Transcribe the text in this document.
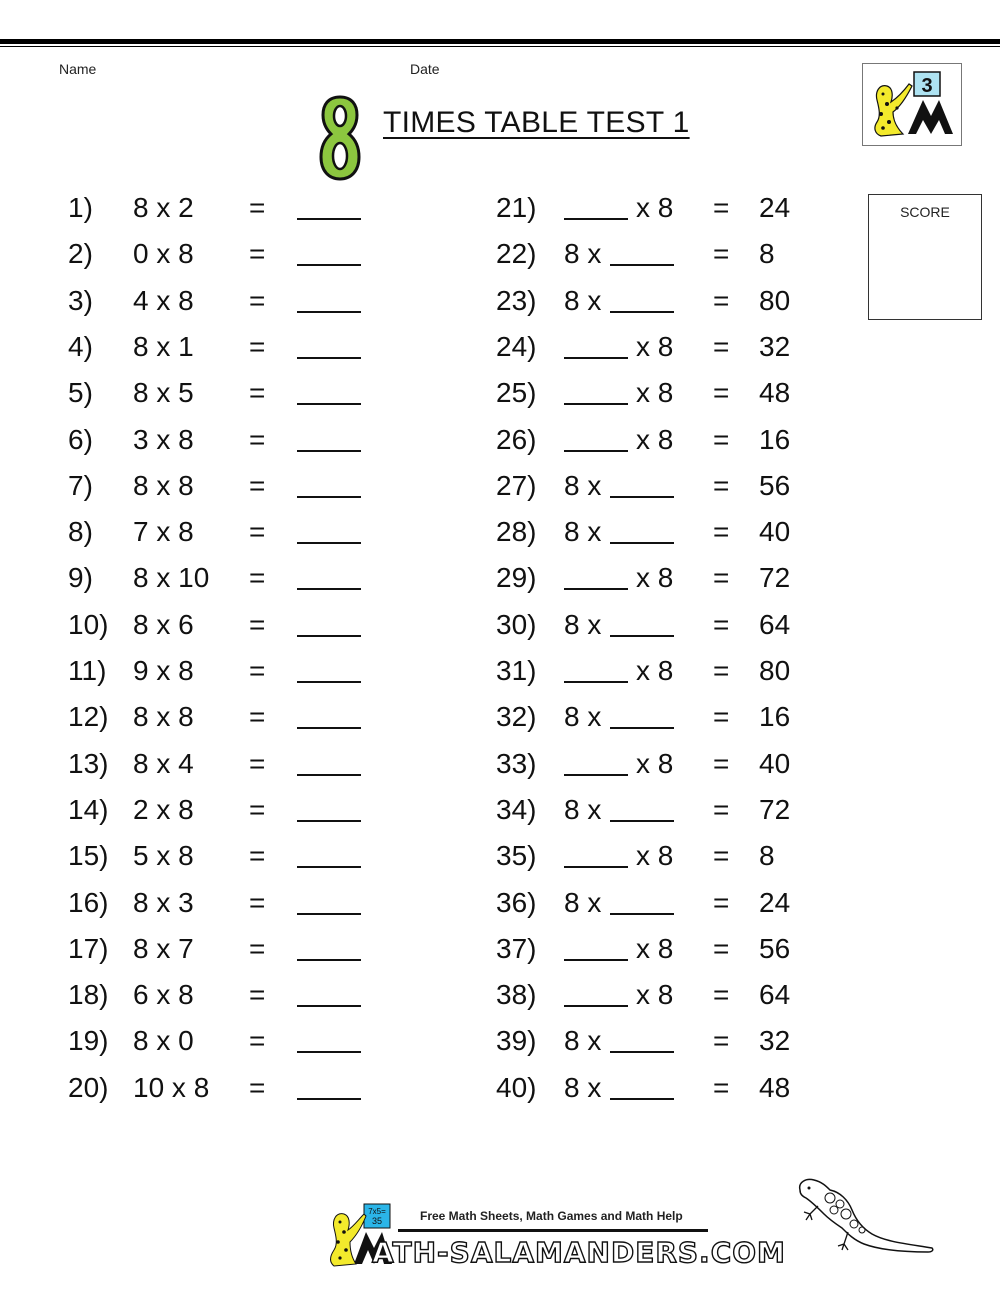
Name	Date
TIMES TABLE TEST 1
3
SCORE
1) 8 x 2 =
2) 0 x 8 =
3) 4 x 8 =
4) 8 x 1 =
5) 8 x 5 =
6) 3 x 8 =
7) 8 x 8 =
8) 7 x 8 =
9) 8 x 10 =
10) 8 x 6 =
11) 9 x 8 =
12) 8 x 8 =
13) 8 x 4 =
14) 2 x 8 =
15) 5 x 8 =
16) 8 x 3 =
17) 8 x 7 =
18) 6 x 8 =
19) 8 x 0 =
20) 10 x 8 =
21)	x 8 = 24
22) 8 x	= 8
23) 8 x	= 80
24)	x 8 = 32
25)	x 8 = 48
26)	x 8 = 16
27) 8 x	= 56
28) 8 x	= 40
29)	x 8 = 72
30) 8 x	= 64
31)	x 8 = 80
32) 8 x	= 16
33)	x 8 = 40
34) 8 x	= 72
35)	x 8 = 8
36) 8 x	= 24
37)	x 8 = 56
38)	x 8 = 64
39) 8 x	= 32
40) 8 x	= 48
7x5=
35	Free Math Sheets, Math Games and Math Help
ATH-SALAMANDERS.COM
